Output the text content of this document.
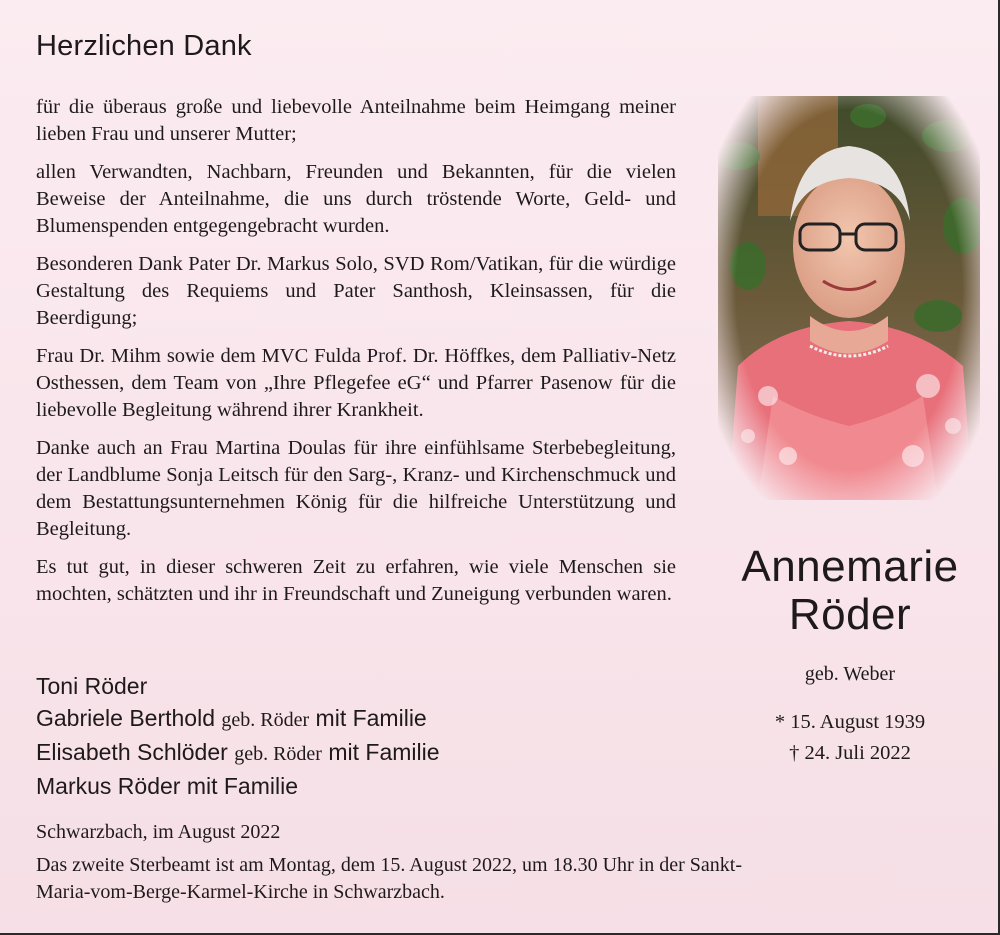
Herzlichen Dank

für die überaus große und liebevolle Anteilnahme beim Heimgang meiner lieben Frau und unserer Mutter;

allen Verwandten, Nachbarn, Freunden und Bekannten, für die vielen Beweise der Anteilnahme, die uns durch tröstende Worte, Geld- und Blumenspenden entgegengebracht wurden.

Besonderen Dank Pater Dr. Markus Solo, SVD Rom/Vatikan, für die würdige Gestaltung des Requiems und Pater Santhosh, Kleinsassen, für die Beerdigung;

Frau Dr. Mihm sowie dem MVC Fulda Prof. Dr. Höffkes, dem Palliativ-Netz Osthessen, dem Team von „Ihre Pflegefee eG“ und Pfarrer Pasenow für die liebevolle Begleitung während ihrer Krankheit.

Danke auch an Frau Martina Doulas für ihre einfühlsame Sterbebegleitung, der Landblume Sonja Leitsch für den Sarg-, Kranz- und Kirchenschmuck und dem Bestattungsunternehmen König für die hilfreiche Unterstützung und Begleitung.

Es tut gut, in dieser schweren Zeit zu erfahren, wie viele Menschen sie mochten, schätzten und ihr in Freundschaft und Zuneigung verbunden waren.

Toni Röder
Gabriele Berthold geb. Röder mit Familie
Elisabeth Schlöder geb. Röder mit Familie
Markus Röder mit Familie
Schwarzbach, im August 2022
Das zweite Sterbeamt ist am Montag, dem 15. August 2022, um 18.30 Uhr in der Sankt-Maria-vom-Berge-Karmel-Kirche in Schwarzbach.
Annemarie
Röder
geb. Weber
* 15. August 1939
† 24. Juli 2022
